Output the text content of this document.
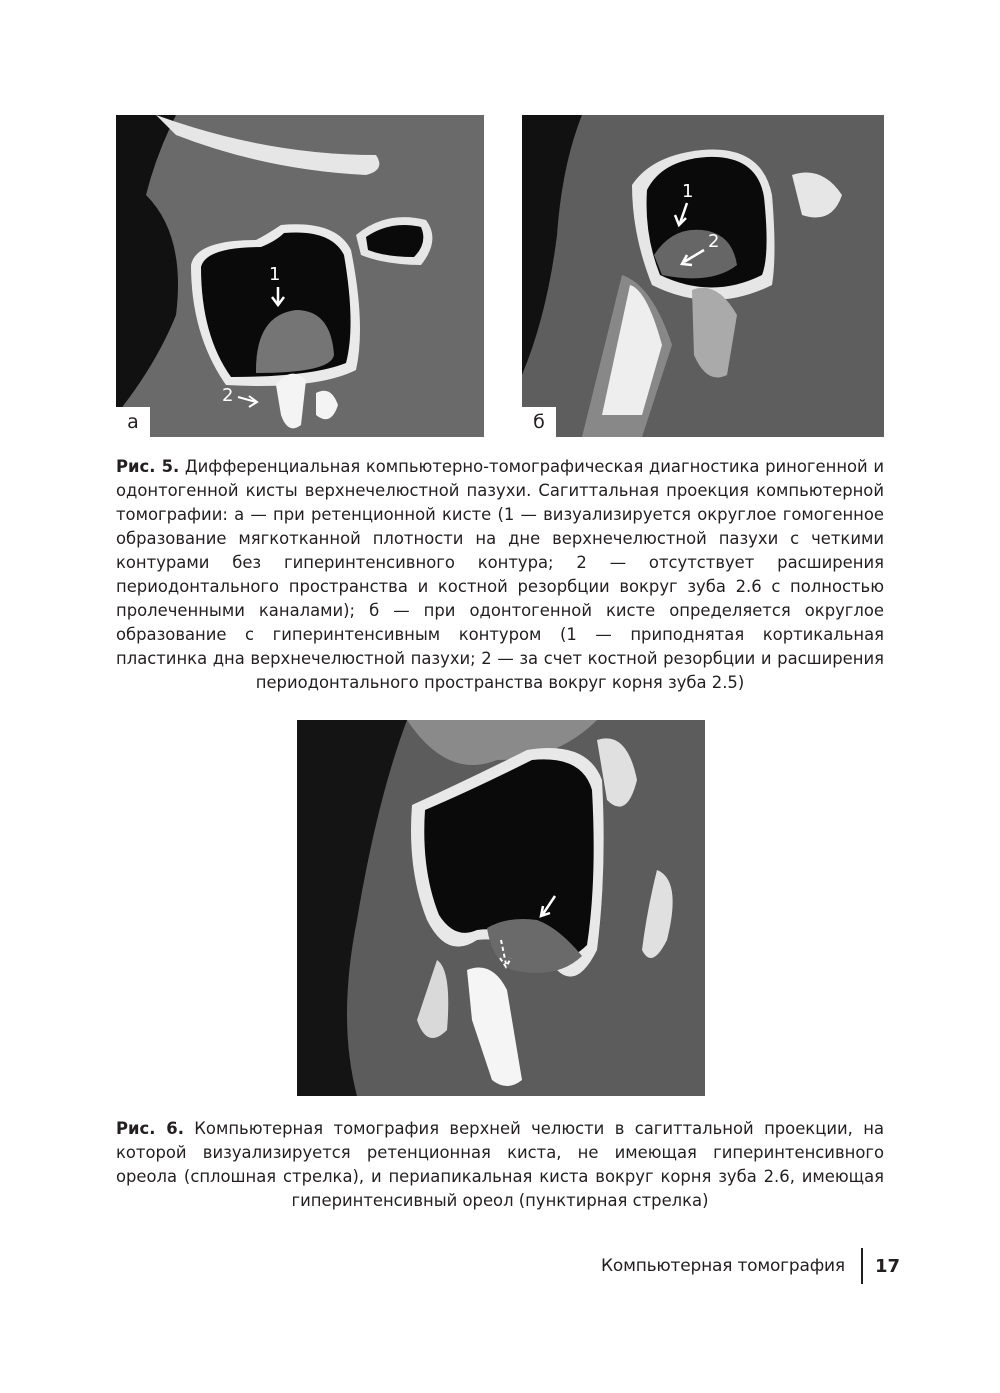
1
2
а
1
2
б
Рис. 5. Дифференциальная компьютерно-томографическая диагностика риногенной и одонтогенной кисты верхнечелюстной пазухи. Сагиттальная проекция компьютерной томографии: а — при ретенционной кисте (1 — визуализируется округлое гомогенное образование мягкотканной плотности на дне верхнечелюстной пазухи с четкими контурами без гиперинтенсивного контура; 2 — отсутствует расширения периодонтального пространства и костной резорбции вокруг зуба 2.6 с полностью пролеченными каналами); б — при одонтогенной кисте определяется округлое образование с гиперинтенсивным контуром (1 — приподнятая кортикальная пластинка дна верхнечелюстной пазухи; 2 — за счет костной резорбции и расширения периодонтального пространства вокруг корня зуба 2.5)
Рис. 6. Компьютерная томография верхней челюсти в сагиттальной проекции, на которой визуализируется ретенционная киста, не имеющая гиперинтенсивного ореола (сплошная стрелка), и периапикальная киста вокруг корня зуба 2.6, имеющая гиперинтенсивный ореол (пунктирная стрелка)
Компьютерная томография 17
